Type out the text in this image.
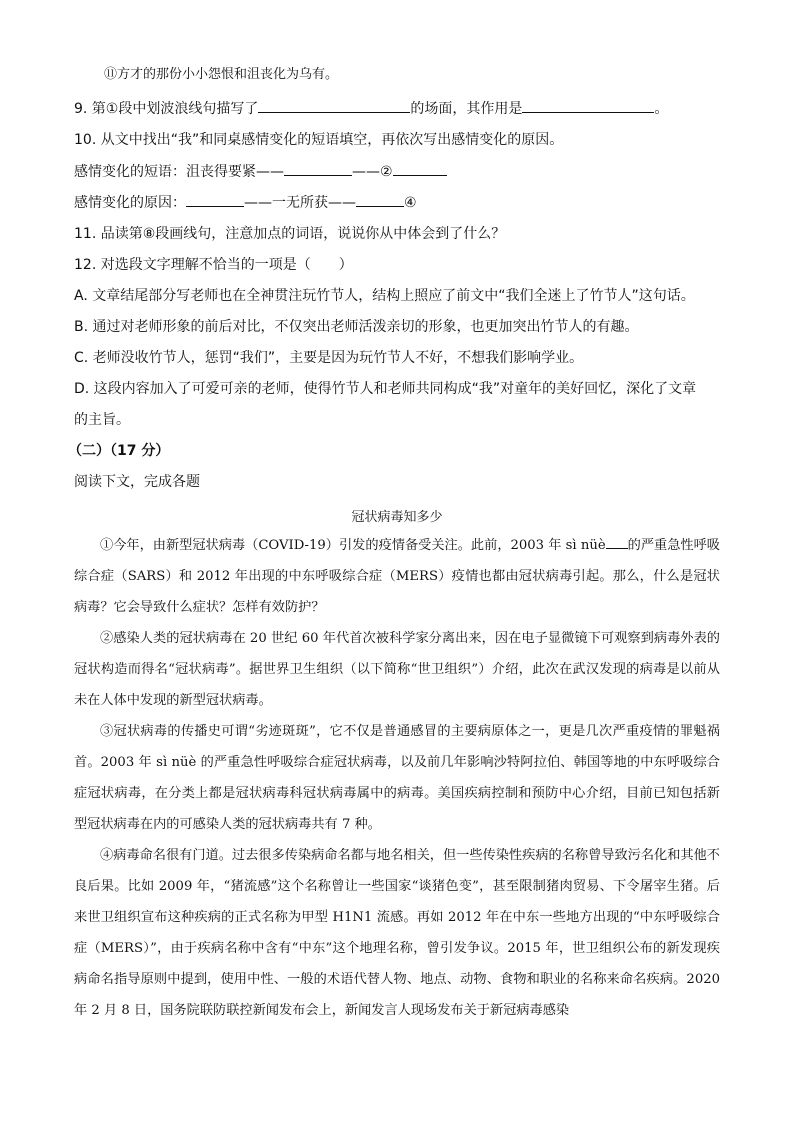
⑪方才的那份小小怨恨和沮丧化为乌有。
9. 第①段中划波浪线句描写了	的场面，其作用是	。
10. 从文中找出“我”和同桌感情变化的短语填空，再依次写出感情变化的原因。
感情变化的短语：沮丧得要紧——	——②
感情变化的原因：	——一无所获——	④
11. 品读第⑧段画线句，注意加点的词语，说说你从中体会到了什么？
12. 对选段文字理解不恰当的一项是（　　）
A. 文章结尾部分写老师也在全神贯注玩竹节人，结构上照应了前文中“我们全迷上了竹节人”这句话。
B. 通过对老师形象的前后对比，不仅突出老师活泼亲切的形象，也更加突出竹节人的有趣。
C. 老师没收竹节人，惩罚“我们”，主要是因为玩竹节人不好，不想我们影响学业。
D. 这段内容加入了可爱可亲的老师，使得竹节人和老师共同构成“我”对童年的美好回忆，深化了文章
的主旨。
（二）（17 分）
阅读下文，完成各题
冠状病毒知多少
①今年，由新型冠状病毒（COVID-19）引发的疫情备受关注。此前，2003 年 sì nüè 的严重急性呼吸综合症（SARS）和 2012 年出现的中东呼吸综合症（MERS）疫情也都由冠状病毒引起。那么，什么是冠状病毒？它会导致什么症状？怎样有效防护？
②感染人类的冠状病毒在 20 世纪 60 年代首次被科学家分离出来，因在电子显微镜下可观察到病毒外表的冠状构造而得名“冠状病毒”。据世界卫生组织（以下简称“世卫组织”）介绍，此次在武汉发现的病毒是以前从未在人体中发现的新型冠状病毒。
③冠状病毒的传播史可谓“劣迹斑斑”，它不仅是普通感冒的主要病原体之一，更是几次严重疫情的罪魁祸首。2003 年 sì nüè 的严重急性呼吸综合症冠状病毒，以及前几年影响沙特阿拉伯、韩国等地的中东呼吸综合症冠状病毒，在分类上都是冠状病毒科冠状病毒属中的病毒。美国疾病控制和预防中心介绍，目前已知包括新型冠状病毒在内的可感染人类的冠状病毒共有 7 种。
④病毒命名很有门道。过去很多传染病命名都与地名相关，但一些传染性疾病的名称曾导致污名化和其他不良后果。比如 2009 年，“猪流感”这个名称曾让一些国家“谈猪色变”，甚至限制猪肉贸易、下令屠宰生猪。后来世卫组织宣布这种疾病的正式名称为甲型 H1N1 流感。再如 2012 年在中东一些地方出现的“中东呼吸综合症（MERS）”，由于疾病名称中含有“中东”这个地理名称，曾引发争议。2015 年，世卫组织公布的新发现疾病命名指导原则中提到，使用中性、一般的术语代替人物、地点、动物、食物和职业的名称来命名疾病。2020 年 2 月 8 日，国务院联防联控新闻发布会上，新闻发言人现场发布关于新冠病毒感染
